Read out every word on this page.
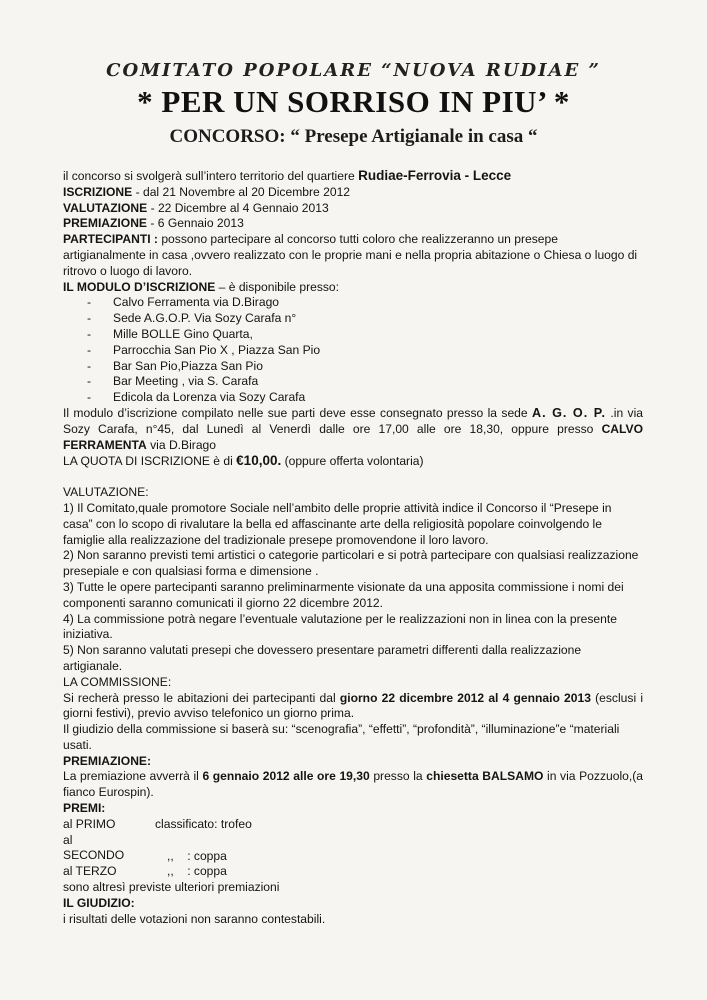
COMITATO POPOLARE “NUOVA RUDIAE ”
* PER UN SORRISO IN PIU’ *
CONCORSO: “ Presepe Artigianale in casa “

il concorso si svolgerà sull’intero territorio del quartiere Rudiae-Ferrovia - Lecce

ISCRIZIONE - dal 21 Novembre al 20 Dicembre 2012

VALUTAZIONE - 22 Dicembre al 4 Gennaio 2013

PREMIAZIONE - 6 Gennaio 2013

PARTECIPANTI : possono partecipare al concorso tutti coloro che realizzeranno un presepe artigianalmente in casa ,ovvero realizzato con le proprie mani e nella propria abitazione o Chiesa o luogo di ritrovo o luogo di lavoro.

IL MODULO D’ISCRIZIONE – è disponibile presso:

- Calvo Ferramenta via D.Birago
- Sede A.G.O.P. Via Sozy Carafa n°
- Mille BOLLE Gino Quarta,
- Parrocchia San Pio X , Piazza San Pio
- Bar San Pio,Piazza San Pio
- Bar Meeting , via S. Carafa
- Edicola da Lorenza via Sozy Carafa

Il modulo d’iscrizione compilato nelle sue parti deve esse consegnato presso la sede A. G. O. P. .in via Sozy Carafa, n°45, dal Lunedì al Venerdì dalle ore 17,00 alle ore 18,30, oppure presso CALVO FERRAMENTA via D.Birago

LA QUOTA DI ISCRIZIONE è di €10,00. (oppure offerta volontaria)

VALUTAZIONE:

1) Il Comitato,quale promotore Sociale nell’ambito delle proprie attività indice il Concorso il “Presepe in casa” con lo scopo di rivalutare la bella ed affascinante arte della religiosità popolare coinvolgendo le famiglie alla realizzazione del tradizionale presepe promovendone il loro lavoro.

2) Non saranno previsti temi artistici o categorie particolari e si potrà partecipare con qualsiasi realizzazione presepiale e con qualsiasi forma e dimensione .

3) Tutte le opere partecipanti saranno preliminarmente visionate da una apposita commissione i nomi dei componenti saranno comunicati il giorno 22 dicembre 2012.

4) La commissione potrà negare l’eventuale valutazione per le realizzazioni non in linea con la presente iniziativa.

5) Non saranno valutati presepi che dovessero presentare parametri differenti dalla realizzazione artigianale.

LA COMMISSIONE:

Si recherà presso le abitazioni dei partecipanti dal giorno 22 dicembre 2012 al 4 gennaio 2013 (esclusi i giorni festivi), previo avviso telefonico un giorno prima.

Il giudizio della commissione si baserà su: “scenografia”, “effetti”, “profondità”, “illuminazione”e “materiali usati.

PREMIAZIONE:

La premiazione avverrà il 6 gennaio 2012 alle ore 19,30 presso la chiesetta BALSAMO in via Pozzuolo,(a fianco Eurospin).

PREMI:

al PRIMO	classificato: trofeo

al SECONDO	,, : coppa

al TERZO	,, : coppa

sono altresì previste ulteriori premiazioni

IL GIUDIZIO:

i risultati delle votazioni non saranno contestabili.
